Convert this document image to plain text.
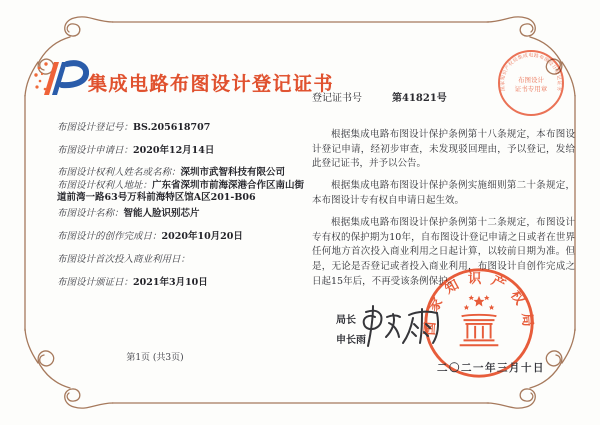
集成电路布图设计登记证书
布图设计登记号：BS.205618707
布图设计申请日：2020年12月14日
布图设计权利人姓名或名称：深圳市武智科技有限公司
布图设计权利人地址：广东省深圳市前海深港合作区南山街道前湾一路63号万科前海特区馆A区201-B06
布图设计名称：智能人脸识别芯片
布图设计的创作完成日：2020年10月20日
布图设计首次投入商业利用日：
布图设计颁证日：2021年3月10日
第1页 (共3页)
登记证书号	第41821号

根据集成电路布图设计保护条例第十八条规定，本布图设计登记申请，经初步审查，未发现驳回理由，予以登记，发给此登记证书，并予以公告。

根据集成电路布图设计保护条例实施细则第二十条规定，本布图设计专有权自申请日起生效。

根据集成电路布图设计保护条例第十二条规定，布图设计专有权的保护期为10年，自布图设计登记申请之日或者在世界任何地方首次投入商业利用之日起计算，以较前日期为准。但是，无论是否登记或者投入商业利用，布图设计自创作完成之日起15年后，不再受该条例保护。

局长
申长雨
国家知识产权局
二〇二一年三月十日
国家知识产权局集成电路布图设计登记证书
布图设计
证书专用章
